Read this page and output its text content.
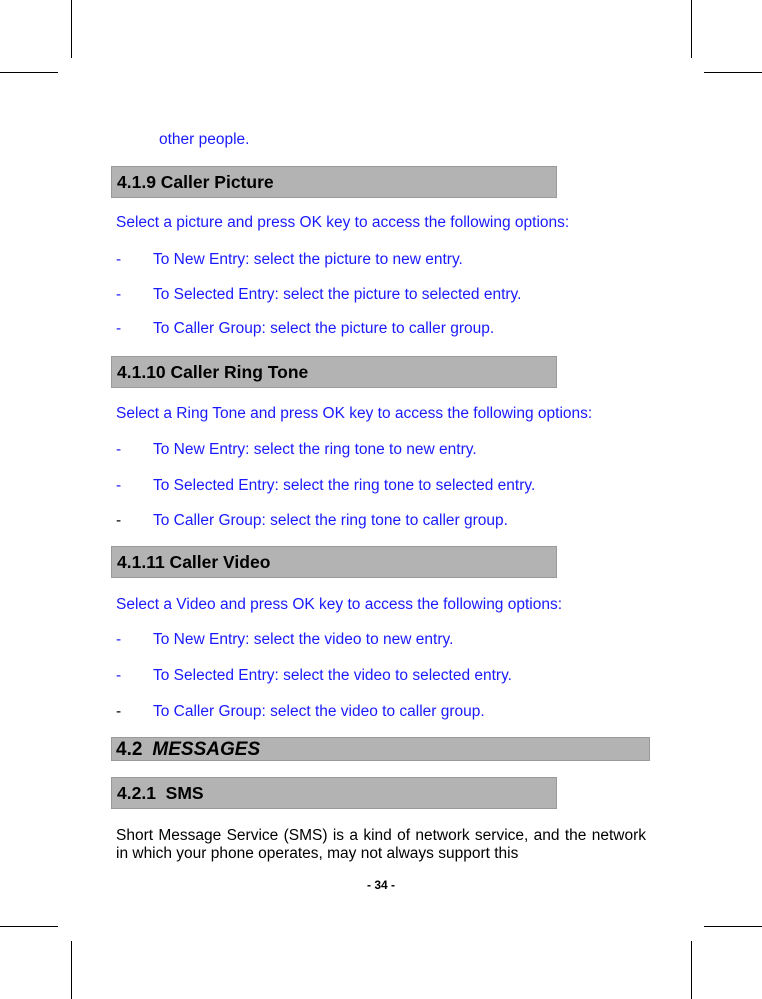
other people.
4.1.9 Caller Picture
Select a picture and press OK key to access the following options:
- To New Entry: select the picture to new entry.
- To Selected Entry: select the picture to selected entry.
- To Caller Group: select the picture to caller group.
4.1.10 Caller Ring Tone
Select a Ring Tone and press OK key to access the following options:
- To New Entry: select the ring tone to new entry.
- To Selected Entry: select the ring tone to selected entry.
- To Caller Group: select the ring tone to caller group.
4.1.11 Caller Video
Select a Video and press OK key to access the following options:
- To New Entry: select the video to new entry.
- To Selected Entry: select the video to selected entry.
- To Caller Group: select the video to caller group.
4.2 MESSAGES
4.2.1  SMS
Short Message Service (SMS) is a kind of network service, and the network in which your phone operates, may not always support this
- 34 -
